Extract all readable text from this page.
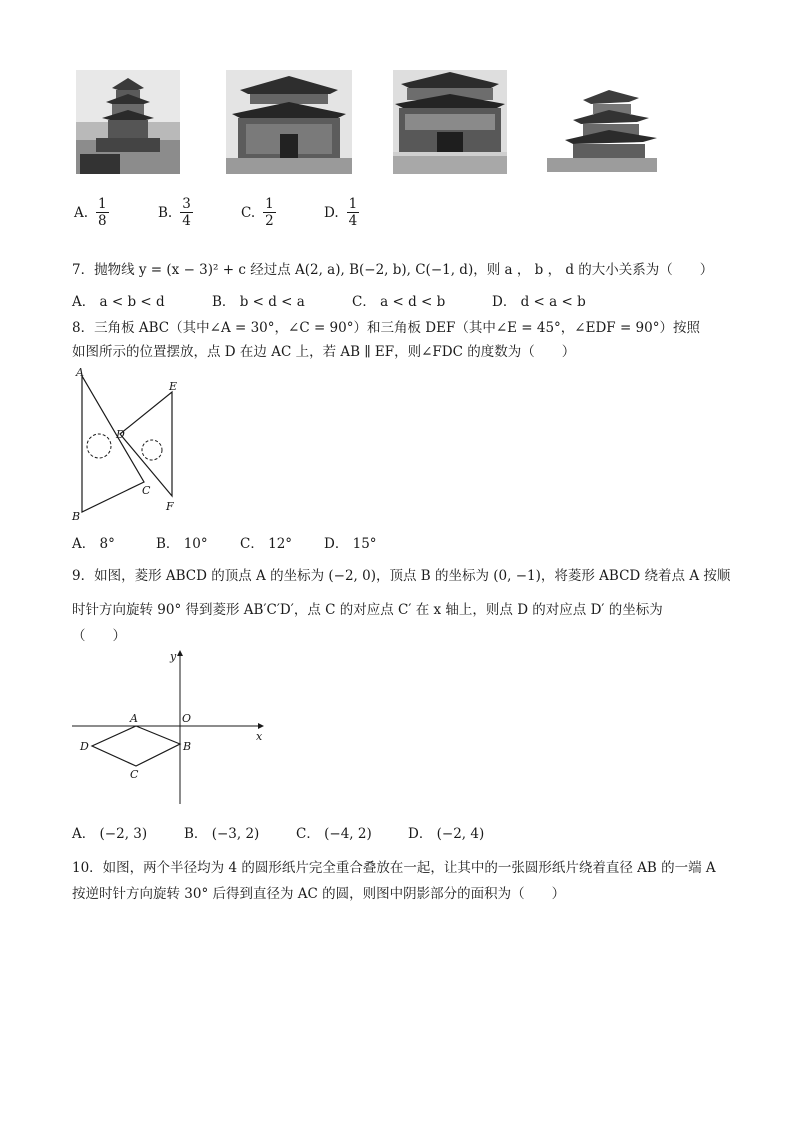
A. $\frac{1}{8}$	B. $\frac{3}{4}$	C. $\frac{1}{2}$	D. $\frac{1}{4}$
7．抛物线 y = (x − 3)² + c 经过点 A(2, a), B(−2, b), C(−1, d)，则 a ， b ， d 的大小关系为（　　）
A． a < b < d	B． b < d < a	C． a < d < b	D． d < a < b
8．三角板 ABC（其中∠A = 30°，∠C = 90°）和三角板 DEF（其中∠E = 45°，∠EDF = 90°）按照
如图所示的位置摆放，点 D 在边 AC 上，若 AB ∥ EF，则∠FDC 的度数为（　　）
A
B
C
D
E
F
A． 8°	B． 10° C． 12° D． 15°
9．如图，菱形 ABCD 的顶点 A 的坐标为 (−2, 0)，顶点 B 的坐标为 (0, −1)，将菱形 ABCD 绕着点 A 按顺
时针方向旋转 90° 得到菱形 AB′C′D′，点 C 的对应点 C′ 在 x 轴上，则点 D 的对应点 D′ 的坐标为
（　　）
y
x
O
A
B
C
D
A． (−2, 3)	B． (−3, 2)	C． (−4, 2)	D． (−2, 4)
10．如图，两个半径均为 4 的圆形纸片完全重合叠放在一起，让其中的一张圆形纸片绕着直径 AB 的一端 A
按逆时针方向旋转 30° 后得到直径为 AC 的圆，则图中阴影部分的面积为（　　）
